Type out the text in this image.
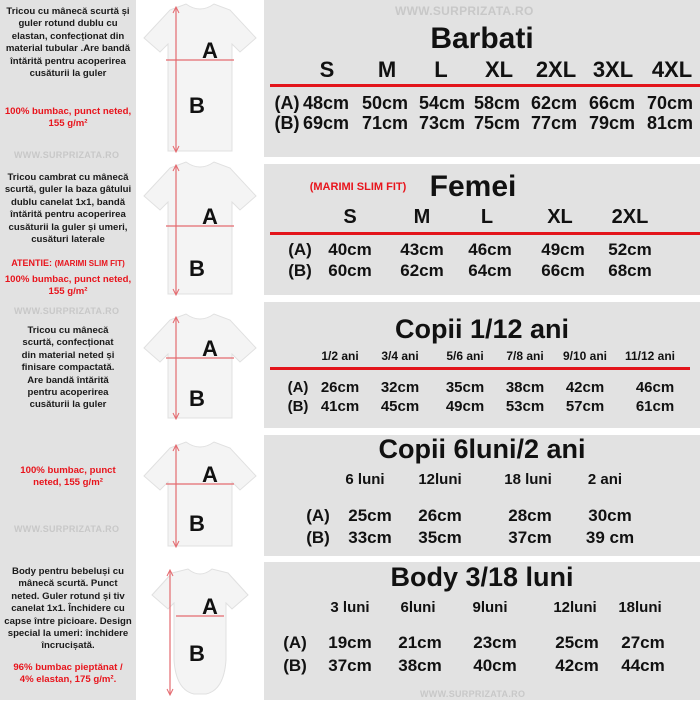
Tricou cu mânecă scurtă și guler rotund dublu cu elastan, confecționat din material tubular .Are bandă întărită pentru acoperirea cusăturii la guler
100% bumbac, punct neted, 155 g/m²
WWW.SURPRIZATA.RO
Tricou cambrat cu mânecă scurtă, guler la baza gâtului dublu canelat 1x1, bandă întărită pentru acoperirea cusăturii la guler și umeri, cusături laterale
ATENTIE: (MARIMI SLIM FIT)
100% bumbac, punct neted, 155 g/m²
WWW.SURPRIZATA.RO
Tricou cu mânecă scurtă, confecționat din material neted și finisare compactată. Are bandă întărită pentru acoperirea cusăturii la guler
100% bumbac, punct neted, 155 g/m²
WWW.SURPRIZATA.RO
Body pentru bebeluși cu mânecă scurtă. Punct neted. Guler rotund și tiv canelat 1x1. Închidere cu capse între picioare. Design special la umeri: închidere încrucișată.
96% bumbac pieptănat / 4% elastan, 175 g/m².
A
B
A
B
A
B
A
B
A
B
Barbati
S M L XL 2XL 3XL 4XL
(A) 48cm 50cm 54cm 58cm 62cm 66cm 70cm
(B) 69cm 71cm 73cm 75cm 77cm 79cm 81cm
(MARIMI SLIM FIT) Femei
S	M	L	XL 2XL
(A) 40cm 43cm 46cm 49cm 52cm
(B) 60cm 62cm 64cm 66cm 68cm
Copii 1/12 ani
1/2 ani 3/4 ani 5/6 ani 7/8 ani 9/10 ani 11/12 ani
(A) 26cm 32cm 35cm 38cm 42cm 46cm
(B) 41cm 45cm 49cm 53cm 57cm 61cm
Copii 6luni/2 ani
6 luni 12luni	18 luni 2 ani
(A) 25cm 26cm	28cm 30cm
(B) 33cm 35cm	37cm 39 cm
Body 3/18 luni
3 luni 6luni 9luni	12luni 18luni
(A) 19cm 21cm 23cm 25cm 27cm
(B) 37cm 38cm 40cm 42cm 44cm
WWW.SURPRIZATA.RO
WWW.SURPRIZATA.RO
